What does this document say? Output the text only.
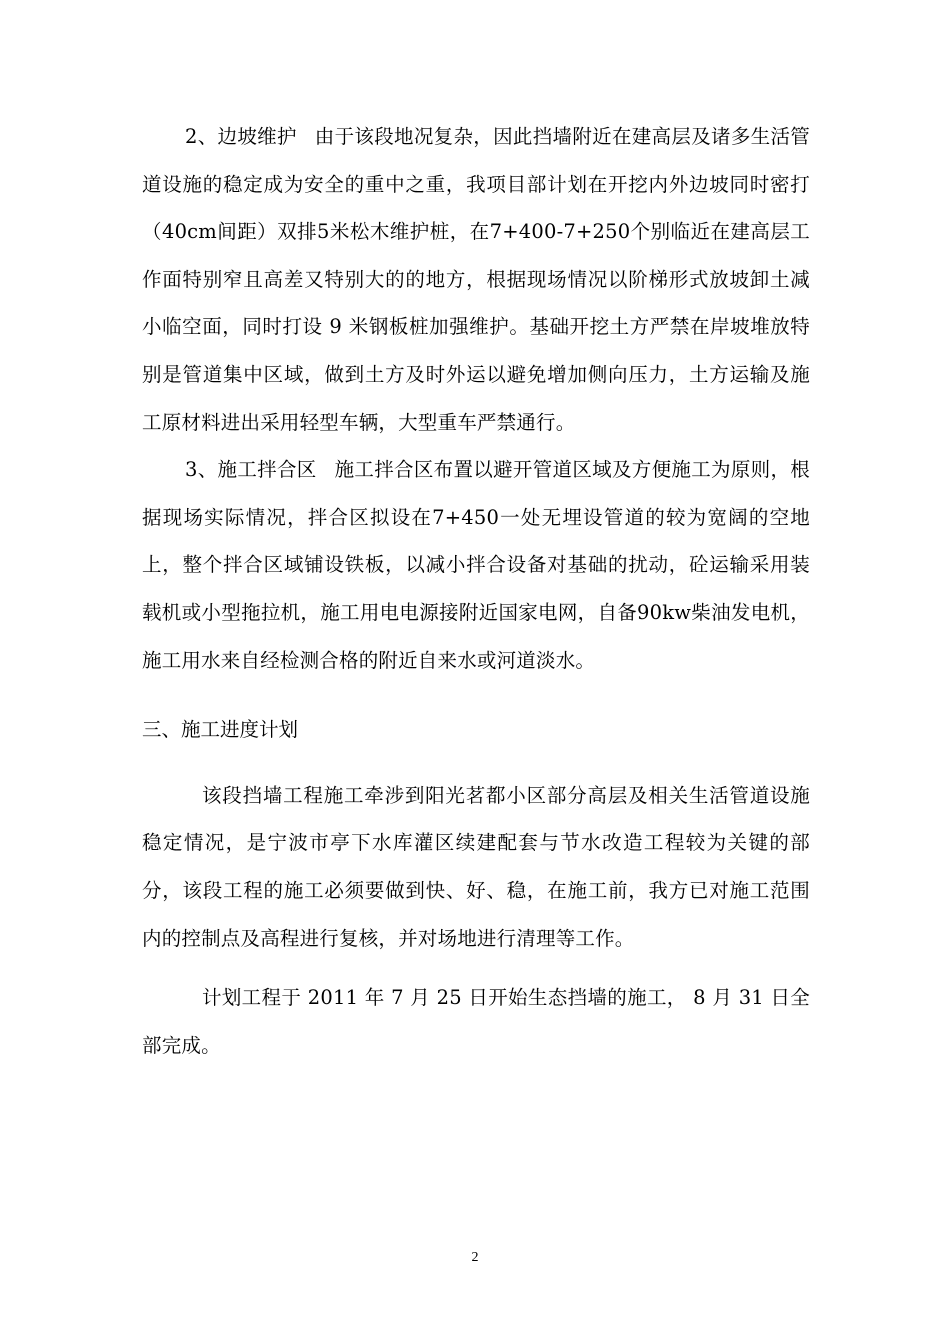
2、边坡维护 由于该段地况复杂，因此挡墙附近在建高层及诸多生活管道设施的稳定成为安全的重中之重，我项目部计划在开挖内外边坡同时密打（40cm间距）双排5米松木维护桩，在7+400-7+250个别临近在建高层工作面特别窄且高差又特别大的的地方，根据现场情况以阶梯形式放坡卸土减小临空面，同时打设 9 米钢板桩加强维护。基础开挖土方严禁在岸坡堆放特别是管道集中区域，做到土方及时外运以避免增加侧向压力，土方运输及施工原材料进出采用轻型车辆，大型重车严禁通行。

3、施工拌合区 施工拌合区布置以避开管道区域及方便施工为原则，根据现场实际情况，拌合区拟设在7+450一处无埋设管道的较为宽阔的空地上，整个拌合区域铺设铁板，以减小拌合设备对基础的扰动，砼运输采用装载机或小型拖拉机，施工用电电源接附近国家电网，自备90kw柴油发电机，施工用水来自经检测合格的附近自来水或河道淡水。

三、施工进度计划

该段挡墙工程施工牵涉到阳光茗都小区部分高层及相关生活管道设施稳定情况，是宁波市亭下水库灌区续建配套与节水改造工程较为关键的部分，该段工程的施工必须要做到快、好、稳，在施工前，我方已对施工范围内的控制点及高程进行复核，并对场地进行清理等工作。

计划工程于 2011 年 7 月 25 日开始生态挡墙的施工， 8 月 31 日全部完成。

2
